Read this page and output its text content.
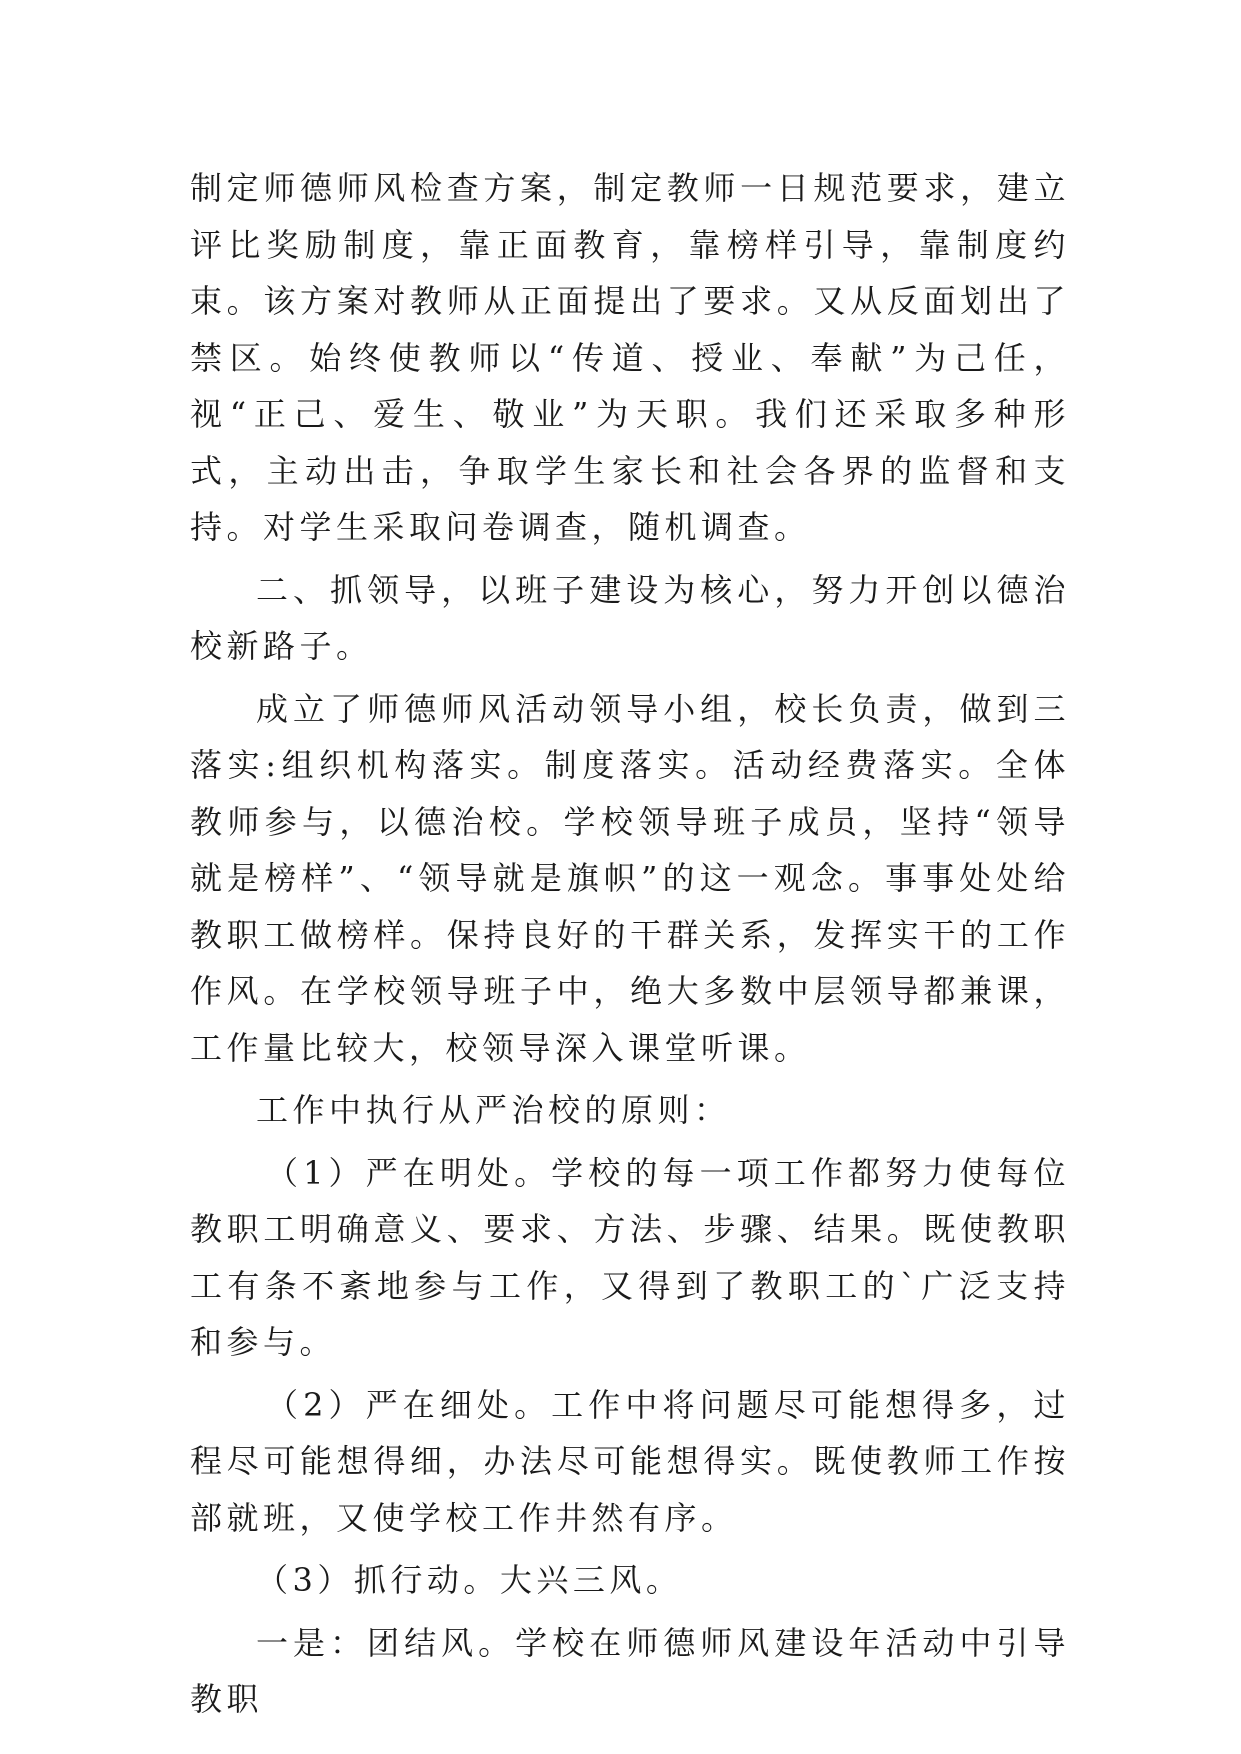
制定师德师风检查方案，制定教师一日规范要求，建立评比奖励制度，靠正面教育，靠榜样引导，靠制度约束。该方案对教师从正面提出了要求。又从反面划出了禁区。始终使教师以“传道、授业、奉献”为己任，视“正己、爱生、敬业”为天职。我们还采取多种形式，主动出击，争取学生家长和社会各界的监督和支持。对学生采取问卷调查，随机调查。

二、抓领导，以班子建设为核心，努力开创以德治校新路子。

成立了师德师风活动领导小组，校长负责，做到三落实:组织机构落实。制度落实。活动经费落实。全体教师参与，以德治校。学校领导班子成员，坚持“领导就是榜样”、“领导就是旗帜”的这一观念。事事处处给教职工做榜样。保持良好的干群关系，发挥实干的工作作风。在学校领导班子中，绝大多数中层领导都兼课，工作量比较大，校领导深入课堂听课。

工作中执行从严治校的原则：

（1）严在明处。学校的每一项工作都努力使每位教职工明确意义、要求、方法、步骤、结果。既使教职工有条不紊地参与工作，又得到了教职工的`广泛支持和参与。

（2）严在细处。工作中将问题尽可能想得多，过程尽可能想得细，办法尽可能想得实。既使教师工作按部就班，又使学校工作井然有序。

（3）抓行动。大兴三风。

一是：团结风。学校在师德师风建设年活动中引导教职
